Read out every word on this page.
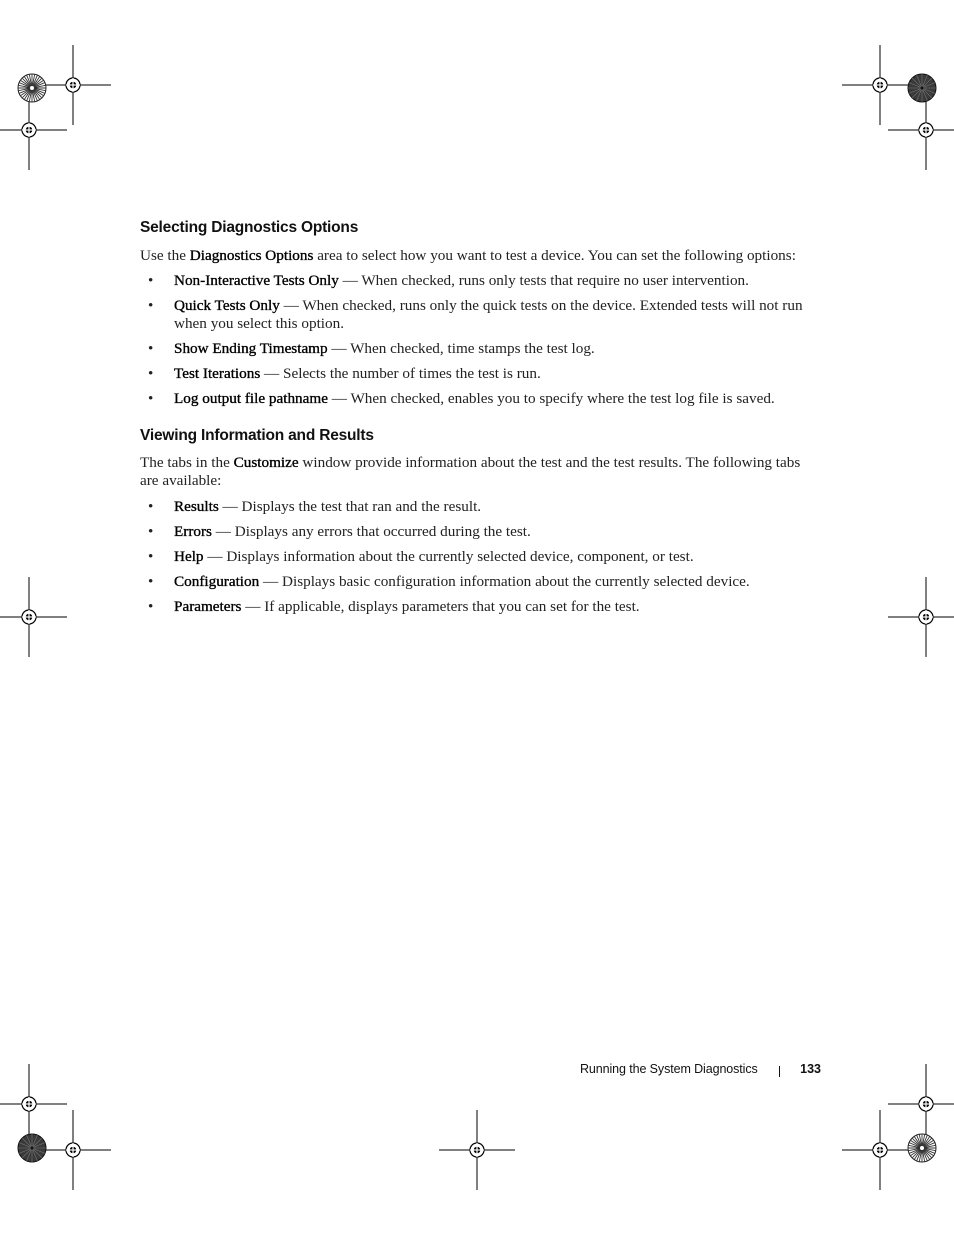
Selecting Diagnostics Options

Use the Diagnostics Options area to select how you want to test a device. You can set the following options:

• Non-Interactive Tests Only — When checked, runs only tests that require no user intervention.
• Quick Tests Only — When checked, runs only the quick tests on the device. Extended tests will not run when you select this option.
• Show Ending Timestamp — When checked, time stamps the test log.
• Test Iterations — Selects the number of times the test is run.
• Log output file pathname — When checked, enables you to specify where the test log file is saved.
Viewing Information and Results

The tabs in the Customize window provide information about the test and the test results. The following tabs are available:

• Results — Displays the test that ran and the result.
• Errors — Displays any errors that occurred during the test.
• Help — Displays information about the currently selected device, component, or test.
• Configuration — Displays basic configuration information about the currently selected device.
• Parameters — If applicable, displays parameters that you can set for the test.
Running the System Diagnostics	133
